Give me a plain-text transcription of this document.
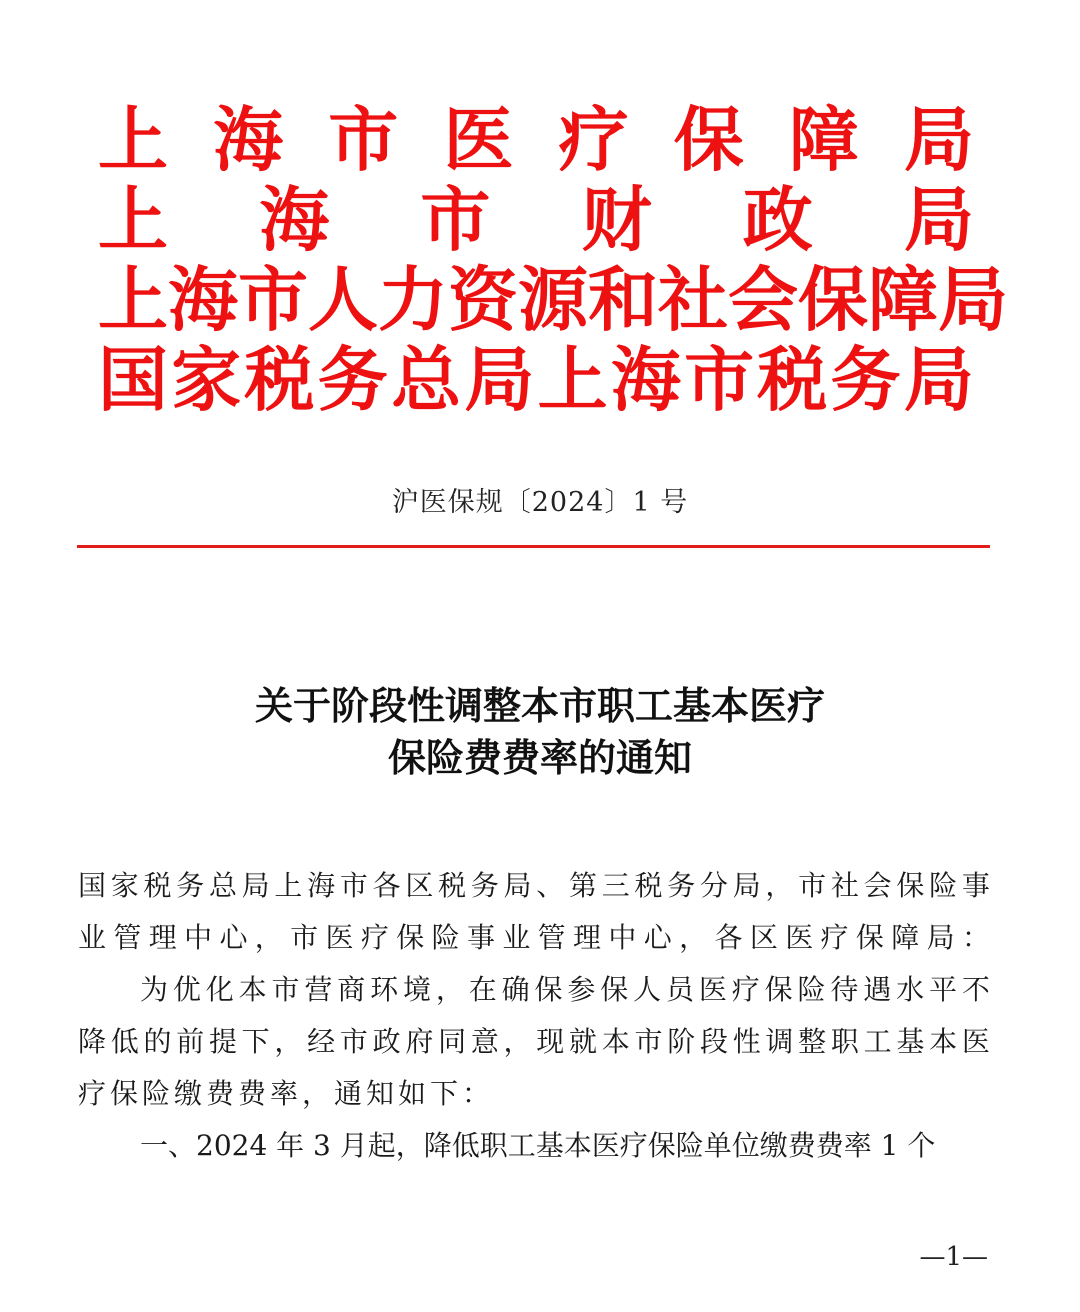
上 海 市 医 疗 保 障 局
上 海 市 财 政 局
上 海 市 人 力 资 源 和 社 会 保 障 局
国 家 税 务 总 局 上 海 市 税 务 局
沪医保规〔2024〕1 号
关于阶段性调整本市职工基本医疗
保险费费率的通知
国 家 税 务 总 局 上 海 市 各 区 税 务 局 、 第 三 税 务 分 局 ， 市 社 会 保 险 事
业 管 理 中 心 ， 市 医 疗 保 险 事 业 管 理 中 心 ， 各 区 医 疗 保 障 局 ：
为 优 化 本 市 营 商 环 境 ， 在 确 保 参 保 人 员 医 疗 保 险 待 遇 水 平 不
降 低 的 前 提 下 ， 经 市 政 府 同 意 ， 现 就 本 市 阶 段 性 调 整 职 工 基 本 医
疗保险缴费费率，通知如下：
一、2024 年 3 月起，降低职工基本医疗保险单位缴费费率 1 个
—1—
